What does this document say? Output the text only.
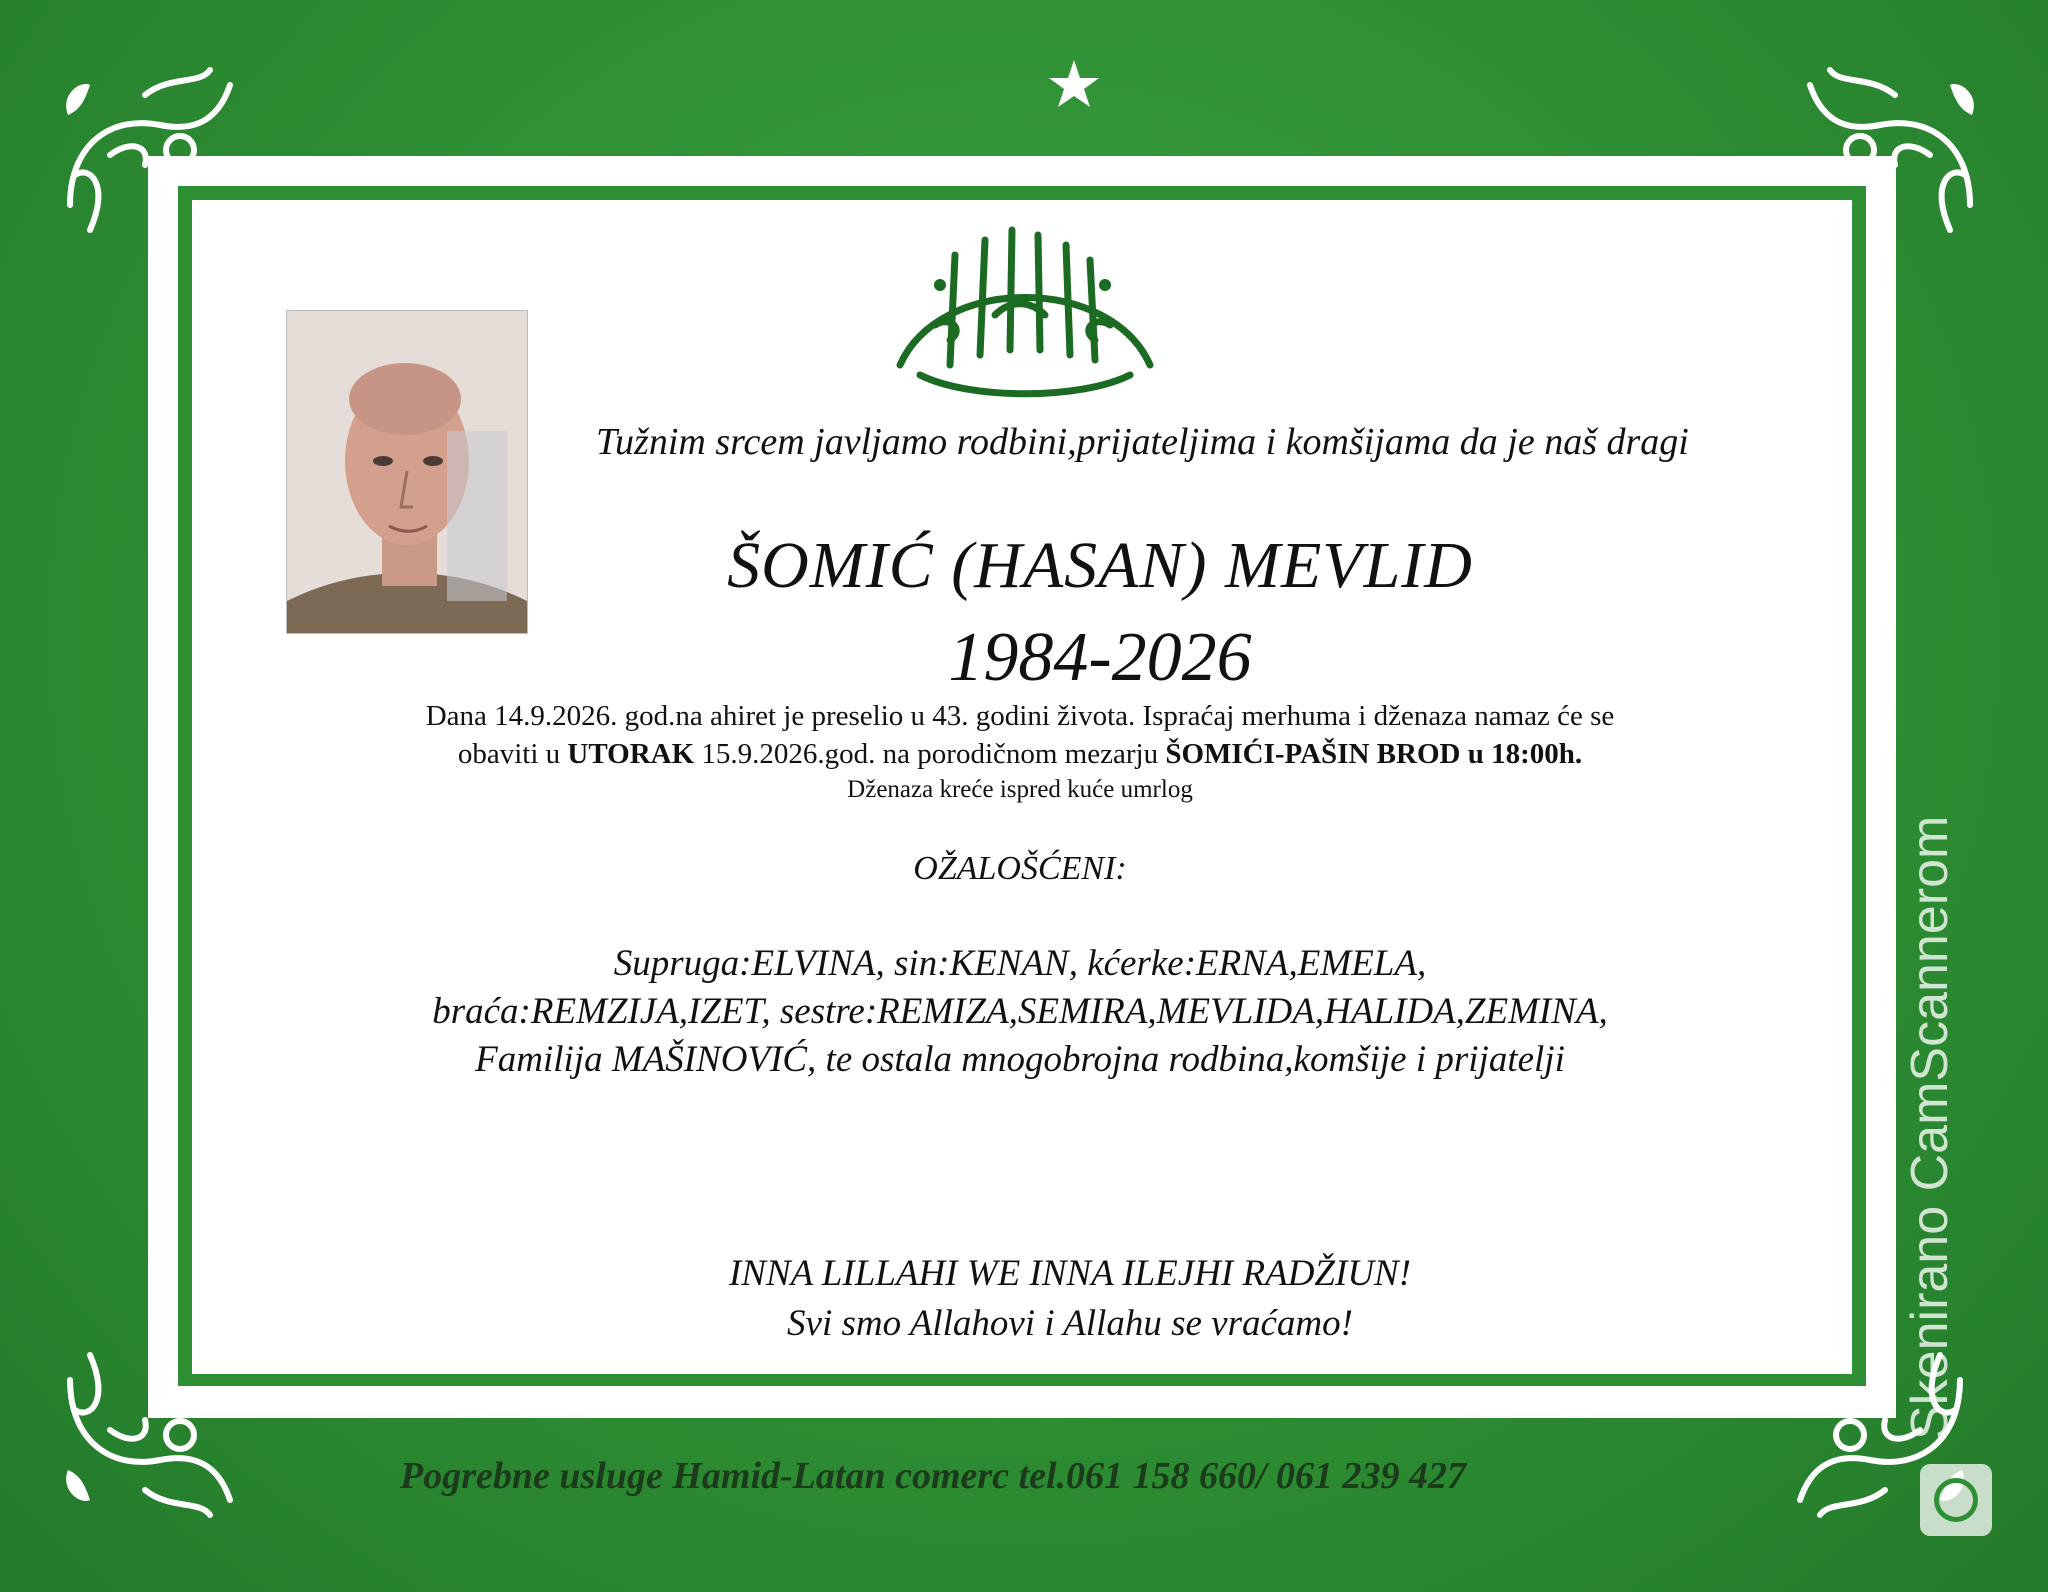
Tužnim srcem javljamo rodbini,prijateljima i komšijama da je naš dragi
ŠOMIĆ (HASAN) MEVLID
1984-2026
Dana 14.9.2026. god.na ahiret je preselio u 43. godini života. Ispraćaj merhuma i dženaza namaz će se
obaviti u UTORAK 15.9.2026.god. na porodičnom mezarju ŠOMIĆI-PAŠIN BROD u 18:00h.
Dženaza kreće ispred kuće umrlog
OŽALOŠĆENI:
Supruga:ELVINA, sin:KENAN, kćerke:ERNA,EMELA,
braća:REMZIJA,IZET, sestre:REMIZA,SEMIRA,MEVLIDA,HALIDA,ZEMINA,
Familija MAŠINOVIĆ, te ostala mnogobrojna rodbina,komšije i prijatelji
INNA LILLAHI WE INNA ILEJHI RADŽIUN!
Svi smo Allahovi i Allahu se vraćamo!
Pogrebne usluge Hamid-Latan comerc tel.061 158 660/ 061 239 427
Skenirano CamScannerom
